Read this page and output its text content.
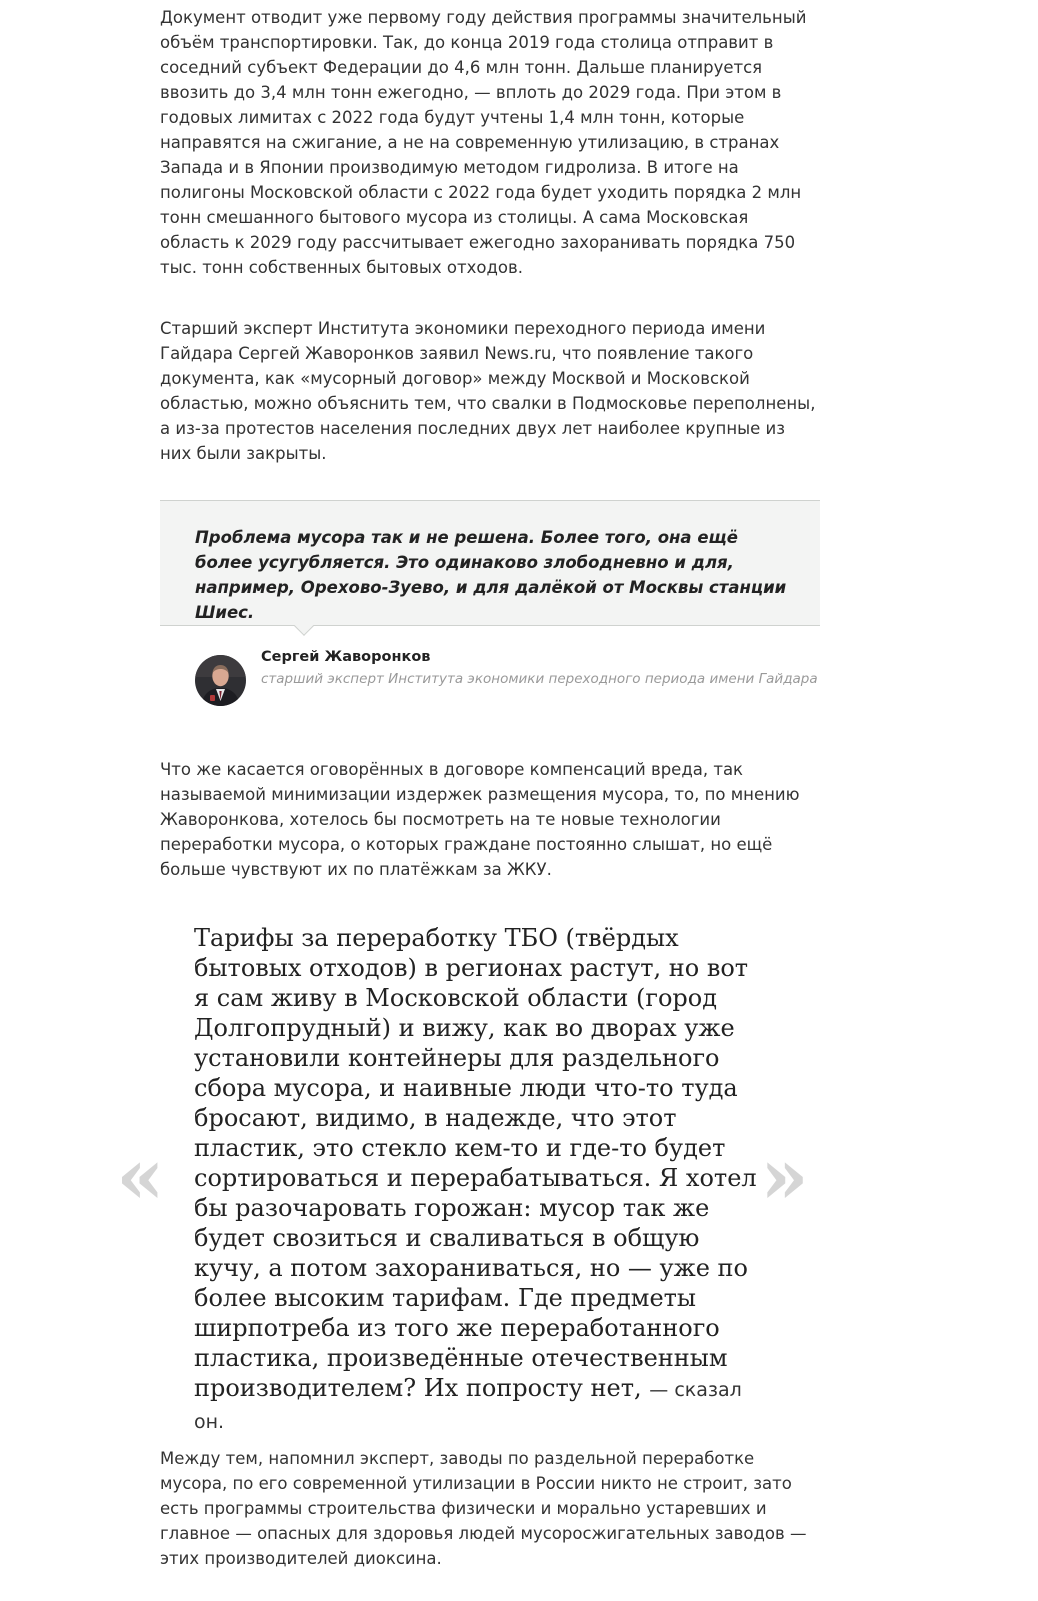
Документ отводит уже первому году действия программы значительный объём транспортировки. Так, до конца 2019 года столица отправит в соседний субъект Федерации до 4,6 млн тонн. Дальше планируется ввозить до 3,4 млн тонн ежегодно, — вплоть до 2029 года. При этом в годовых лимитах с 2022 года будут учтены 1,4 млн тонн, которые направятся на сжигание, а не на современную утилизацию, в странах Запада и в Японии производимую методом гидролиза. В итоге на полигоны Московской области с 2022 года будет уходить порядка 2 млн тонн смешанного бытового мусора из столицы. А сама Московская область к 2029 году рассчитывает ежегодно захоранивать порядка 750 тыс. тонн собственных бытовых отходов.

Старший эксперт Института экономики переходного периода имени Гайдара Сергей Жаворонков заявил News.ru, что появление такого документа, как «мусорный договор» между Москвой и Московской областью, можно объяснить тем, что свалки в Подмосковье переполнены, а из-за протестов населения последних двух лет наиболее крупные из них были закрыты.

Проблема мусора так и не решена. Более того, она ещё более усугубляется. Это одинаково злободневно и для, например, Орехово-Зуево, и для далёкой от Москвы станции Шиес.

Сергей Жаворонков
старший эксперт Института экономики переходного периода имени Гайдара

Что же касается оговорённых в договоре компенсаций вреда, так называемой минимизации издержек размещения мусора, то, по мнению Жаворонкова, хотелось бы посмотреть на те новые технологии переработки мусора, о которых граждане постоянно слышат, но ещё больше чувствуют их по платёжкам за ЖКУ.

«

Тарифы за переработку ТБО (твёрдых бытовых отходов) в регионах растут, но вот я сам живу в Московской области (город Долгопрудный) и вижу, как во дворах уже установили контейнеры для раздельного сбора мусора, и наивные люди что-то туда бросают, видимо, в надежде, что этот пластик, это стекло кем-то и где-то будет сортироваться и перерабатываться. Я хотел бы разочаровать горожан: мусор так же будет свозиться и сваливаться в общую кучу, а потом захораниваться, но — уже по более высоким тарифам. Где предметы ширпотреба из того же переработанного пластика, произведённые отечественным производителем? Их попросту нет, — сказал он.

»

Между тем, напомнил эксперт, заводы по раздельной переработке мусора, по его современной утилизации в России никто не строит, зато есть программы строительства физически и морально устаревших и главное — опасных для здоровья людей мусоросжигательных заводов — этих производителей диоксина.
